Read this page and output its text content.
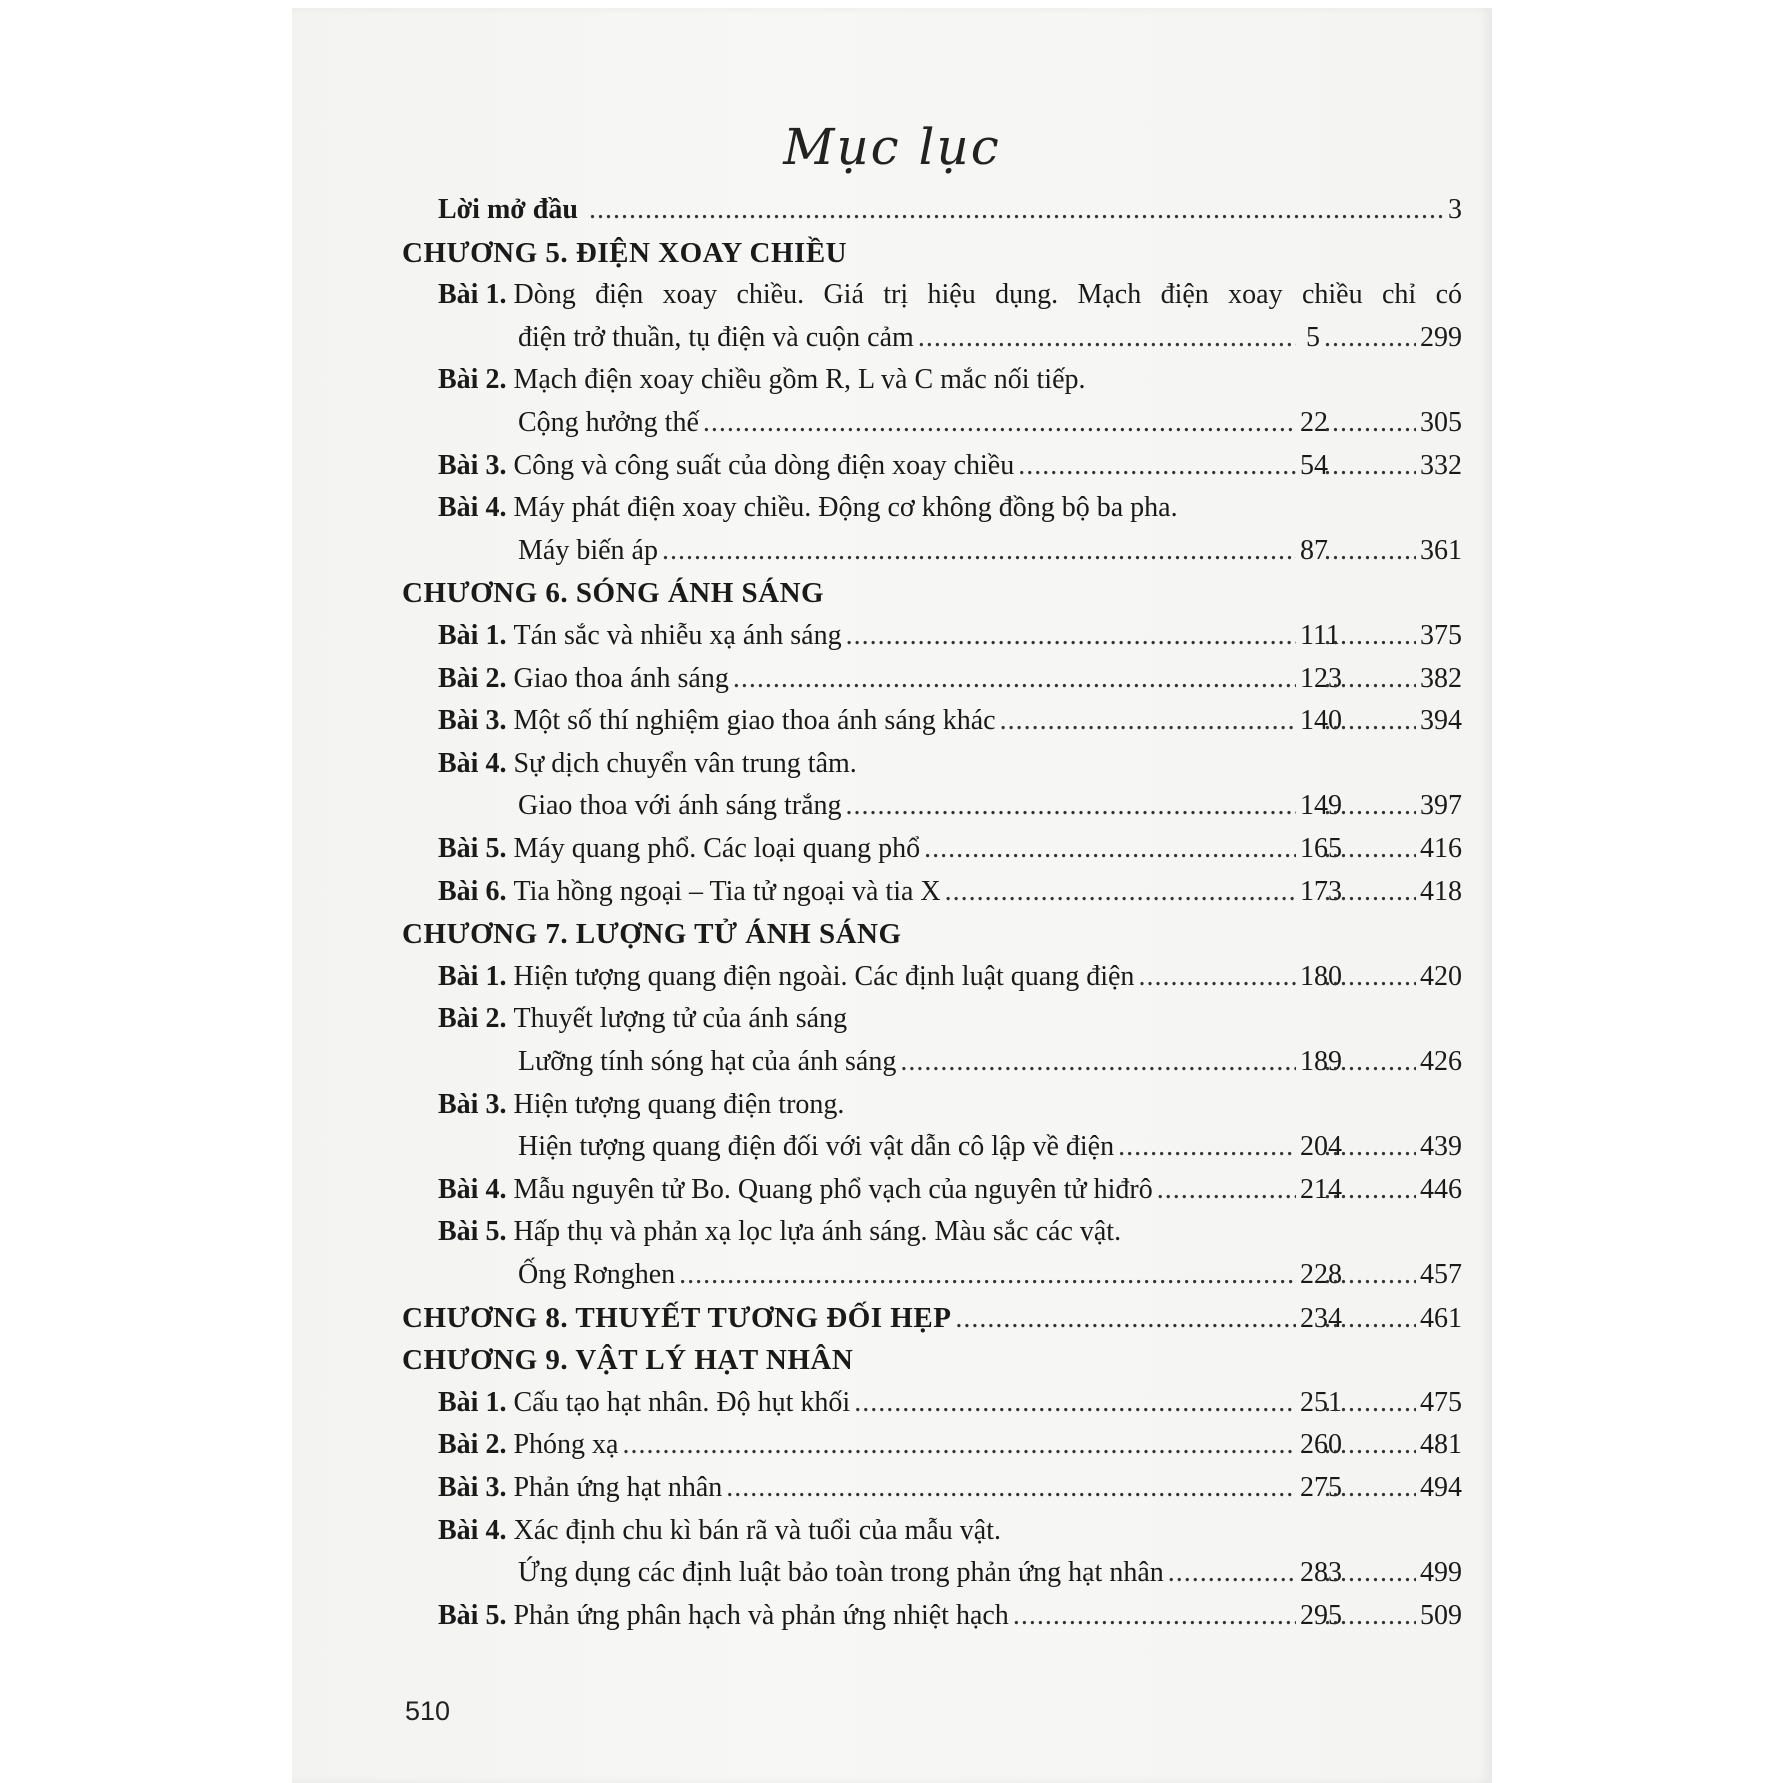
Mục lục
Lời mở đầu .....	3
CHƯƠNG 5. ĐIỆN XOAY CHIỀU
Bài 1. Dòng điện xoay chiều. Giá trị hiệu dụng. Mạch điện xoay chiều chỉ có
điện trở thuần, tụ điện và cuộn cảm .....	5 .....	299
Bài 2. Mạch điện xoay chiều gồm R, L và C mắc nối tiếp.
Cộng hưởng thế .....	22 .....	305
Bài 3. Công và công suất của dòng điện xoay chiều .....	54 .....	332
Bài 4. Máy phát điện xoay chiều. Động cơ không đồng bộ ba pha.
Máy biến áp .....	87 .....	361
CHƯƠNG 6. SÓNG ÁNH SÁNG
Bài 1. Tán sắc và nhiễu xạ ánh sáng .....	111 .....	375
Bài 2. Giao thoa ánh sáng .....	123 .....	382
Bài 3. Một số thí nghiệm giao thoa ánh sáng khác .....	140 .....	394
Bài 4. Sự dịch chuyển vân trung tâm.
Giao thoa với ánh sáng trắng .....	149 .....	397
Bài 5. Máy quang phổ. Các loại quang phổ .....	165 .....	416
Bài 6. Tia hồng ngoại – Tia tử ngoại và tia X .....	173 .....	418
CHƯƠNG 7. LƯỢNG TỬ ÁNH SÁNG
Bài 1. Hiện tượng quang điện ngoài. Các định luật quang điện .....	180 .....	420
Bài 2. Thuyết lượng tử của ánh sáng
Lưỡng tính sóng hạt của ánh sáng .....	189 .....	426
Bài 3. Hiện tượng quang điện trong.
Hiện tượng quang điện đối với vật dẫn cô lập về điện .....	204 .....	439
Bài 4. Mẫu nguyên tử Bo. Quang phổ vạch của nguyên tử hiđrô .....	214 .....	446
Bài 5. Hấp thụ và phản xạ lọc lựa ánh sáng. Màu sắc các vật.
Ống Rơnghen .....	228 .....	457
CHƯƠNG 8. THUYẾT TƯƠNG ĐỐI HẸP .....	234 .....	461
CHƯƠNG 9. VẬT LÝ HẠT NHÂN
Bài 1. Cấu tạo hạt nhân. Độ hụt khối .....	251 .....	475
Bài 2. Phóng xạ .....	260 .....	481
Bài 3. Phản ứng hạt nhân .....	275 .....	494
Bài 4. Xác định chu kì bán rã và tuổi của mẫu vật.
Ứng dụng các định luật bảo toàn trong phản ứng hạt nhân .....	283 .....	499
Bài 5. Phản ứng phân hạch và phản ứng nhiệt hạch .....	295 .....	509
510
